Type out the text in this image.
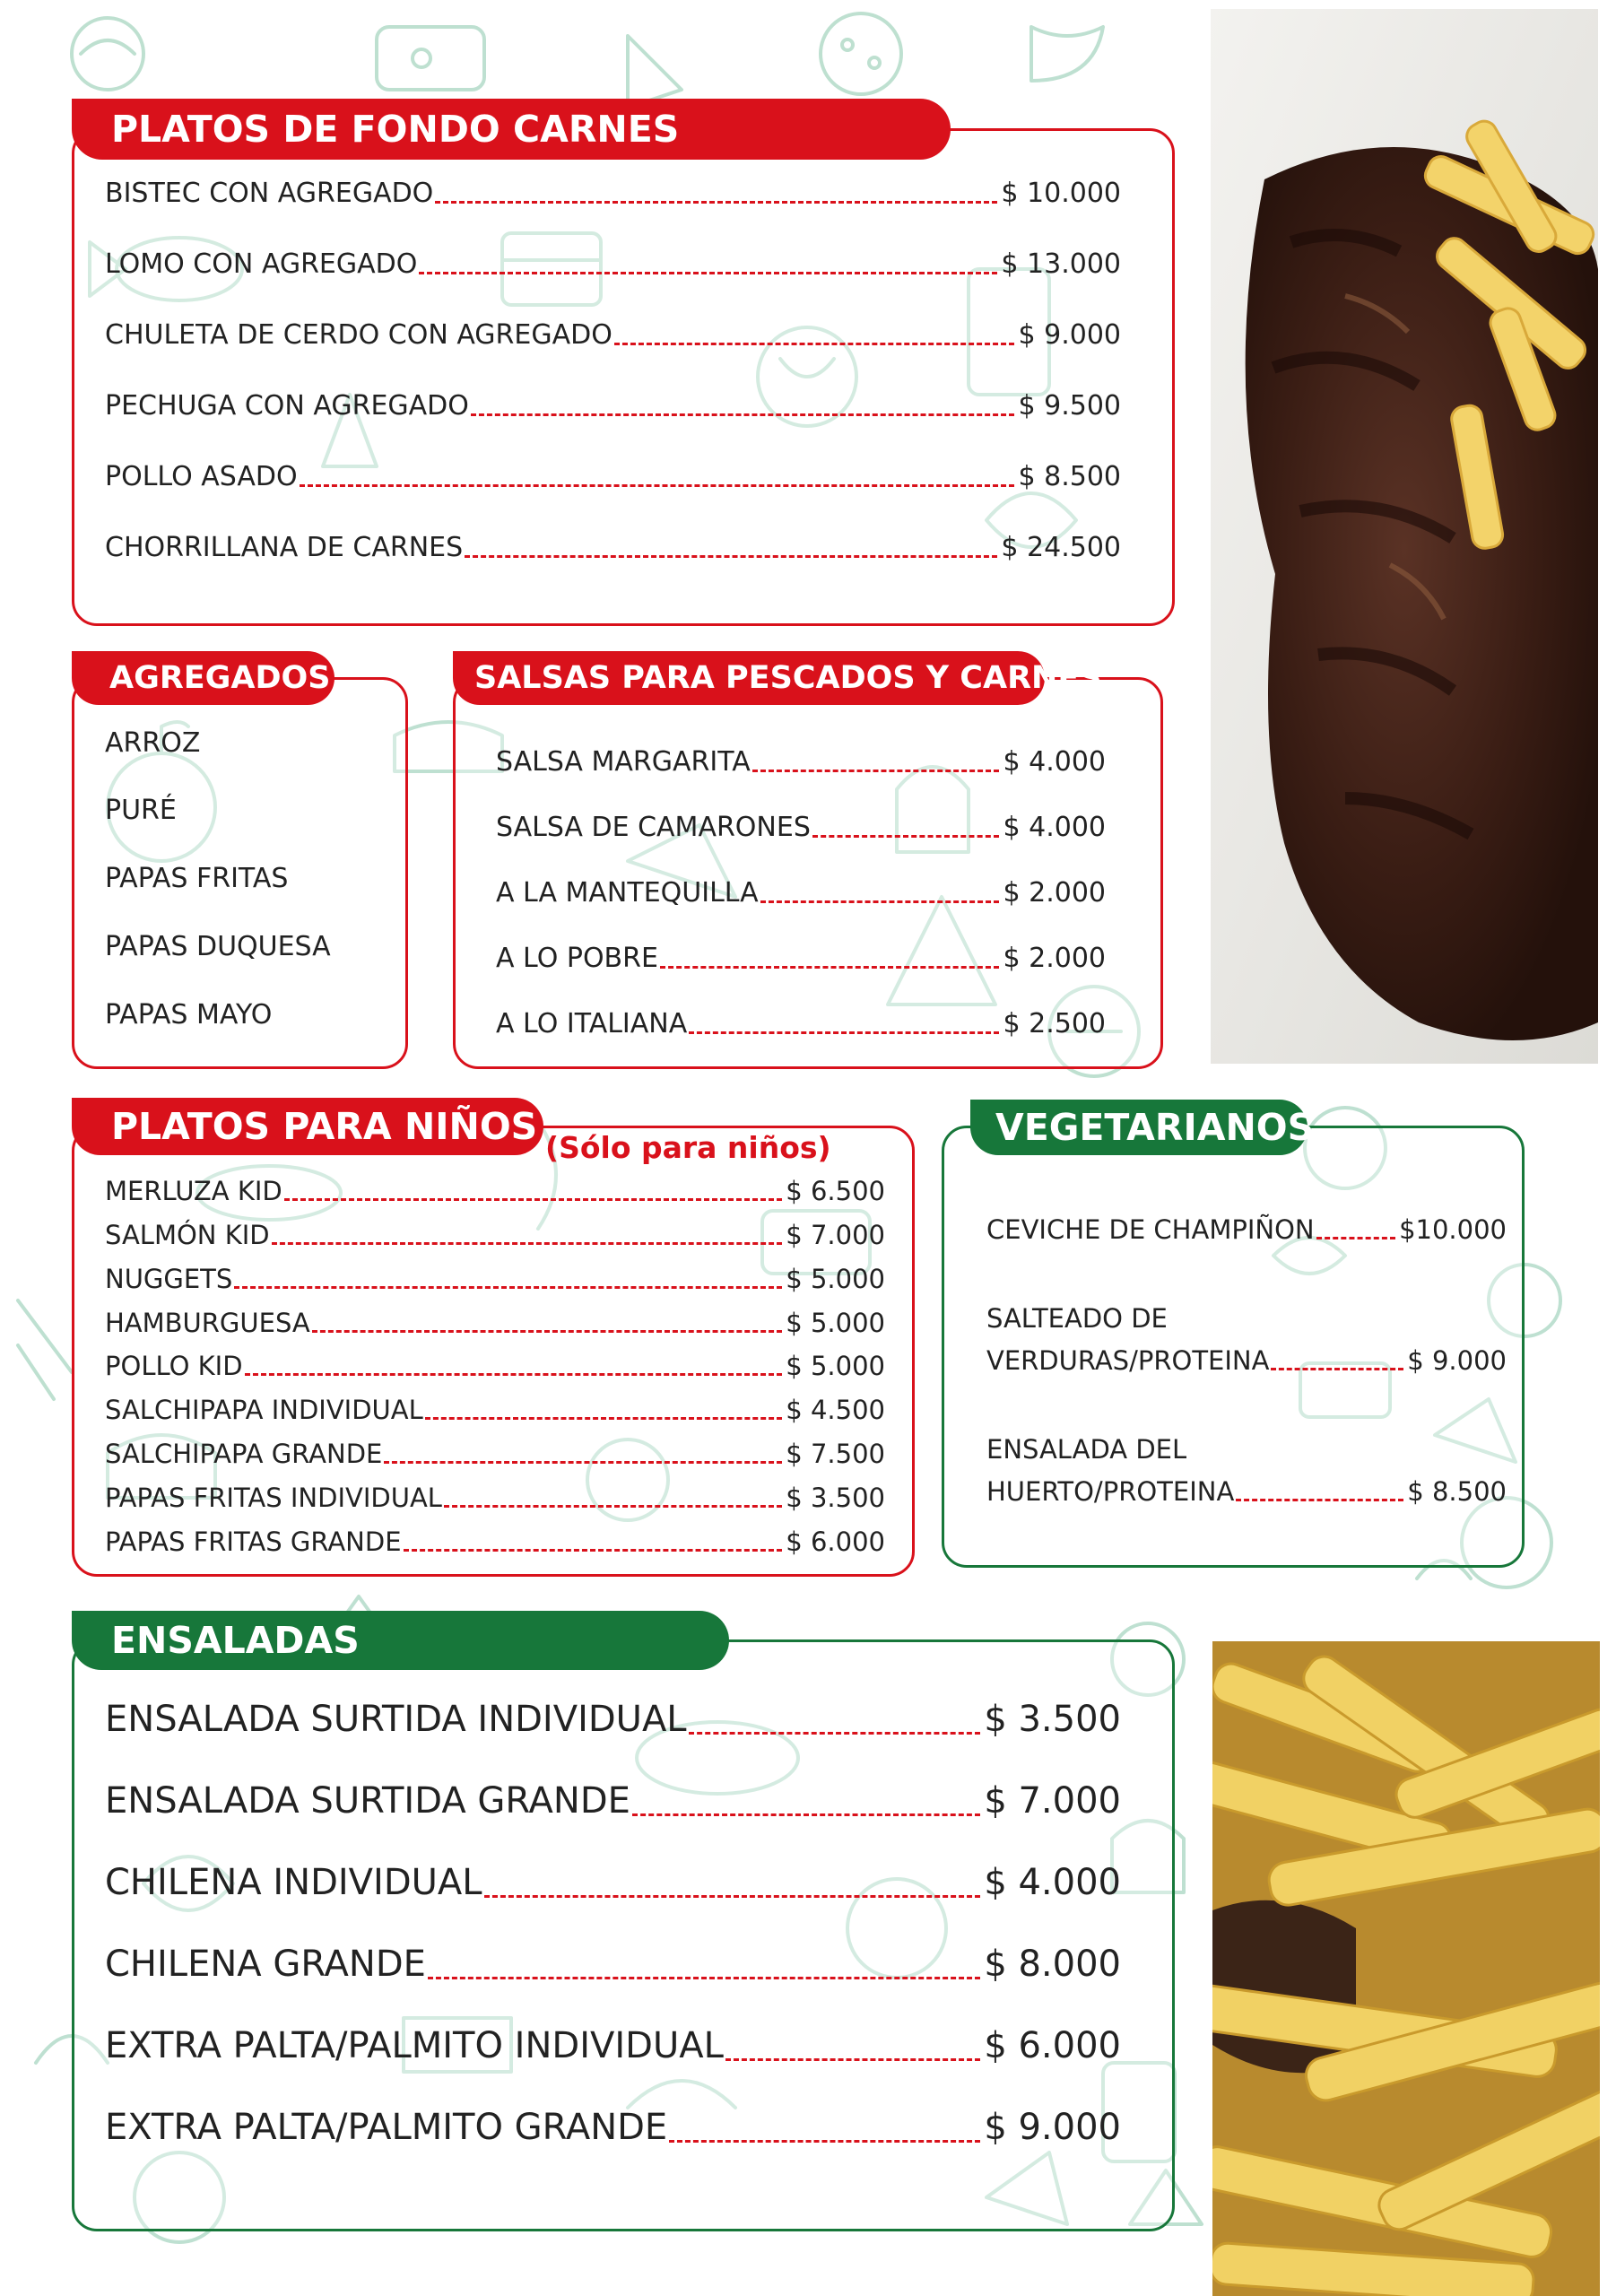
PLATOS DE FONDO CARNES
BISTEC CON AGREGADO	$ 10.000
LOMO CON AGREGADO	$ 13.000
CHULETA DE CERDO CON AGREGADO	$ 9.000
PECHUGA CON AGREGADO	$ 9.500
POLLO ASADO	$ 8.500
CHORRILLANA DE CARNES	$ 24.500
AGREGADOS
ARROZ
PURÉ
PAPAS FRITAS
PAPAS DUQUESA
PAPAS MAYO
SALSAS PARA PESCADOS Y CARNES
SALSA MARGARITA	$ 4.000
SALSA DE CAMARONES	$ 4.000
A LA MANTEQUILLA	$ 2.000
A LO POBRE	$ 2.000
A LO ITALIANA	$ 2.500
PLATOS PARA NIÑOS (Sólo para niños)
MERLUZA KID	$ 6.500
SALMÓN KID	$ 7.000
NUGGETS	$ 5.000
HAMBURGUESA	$ 5.000
POLLO KID	$ 5.000
SALCHIPAPA INDIVIDUAL	$ 4.500
SALCHIPAPA GRANDE	$ 7.500
PAPAS FRITAS INDIVIDUAL	$ 3.500
PAPAS FRITAS GRANDE	$ 6.000
VEGETARIANOS
CEVICHE DE CHAMPIÑON	$10.000
SALTEADO DE
VERDURAS/PROTEINA	$ 9.000
ENSALADA DEL
HUERTO/PROTEINA	$ 8.500
ENSALADAS
ENSALADA SURTIDA INDIVIDUAL	$ 3.500
ENSALADA SURTIDA GRANDE	$ 7.000
CHILENA INDIVIDUAL	$ 4.000
CHILENA GRANDE	$ 8.000
EXTRA PALTA/PALMITO INDIVIDUAL	$ 6.000
EXTRA PALTA/PALMITO GRANDE	$ 9.000
